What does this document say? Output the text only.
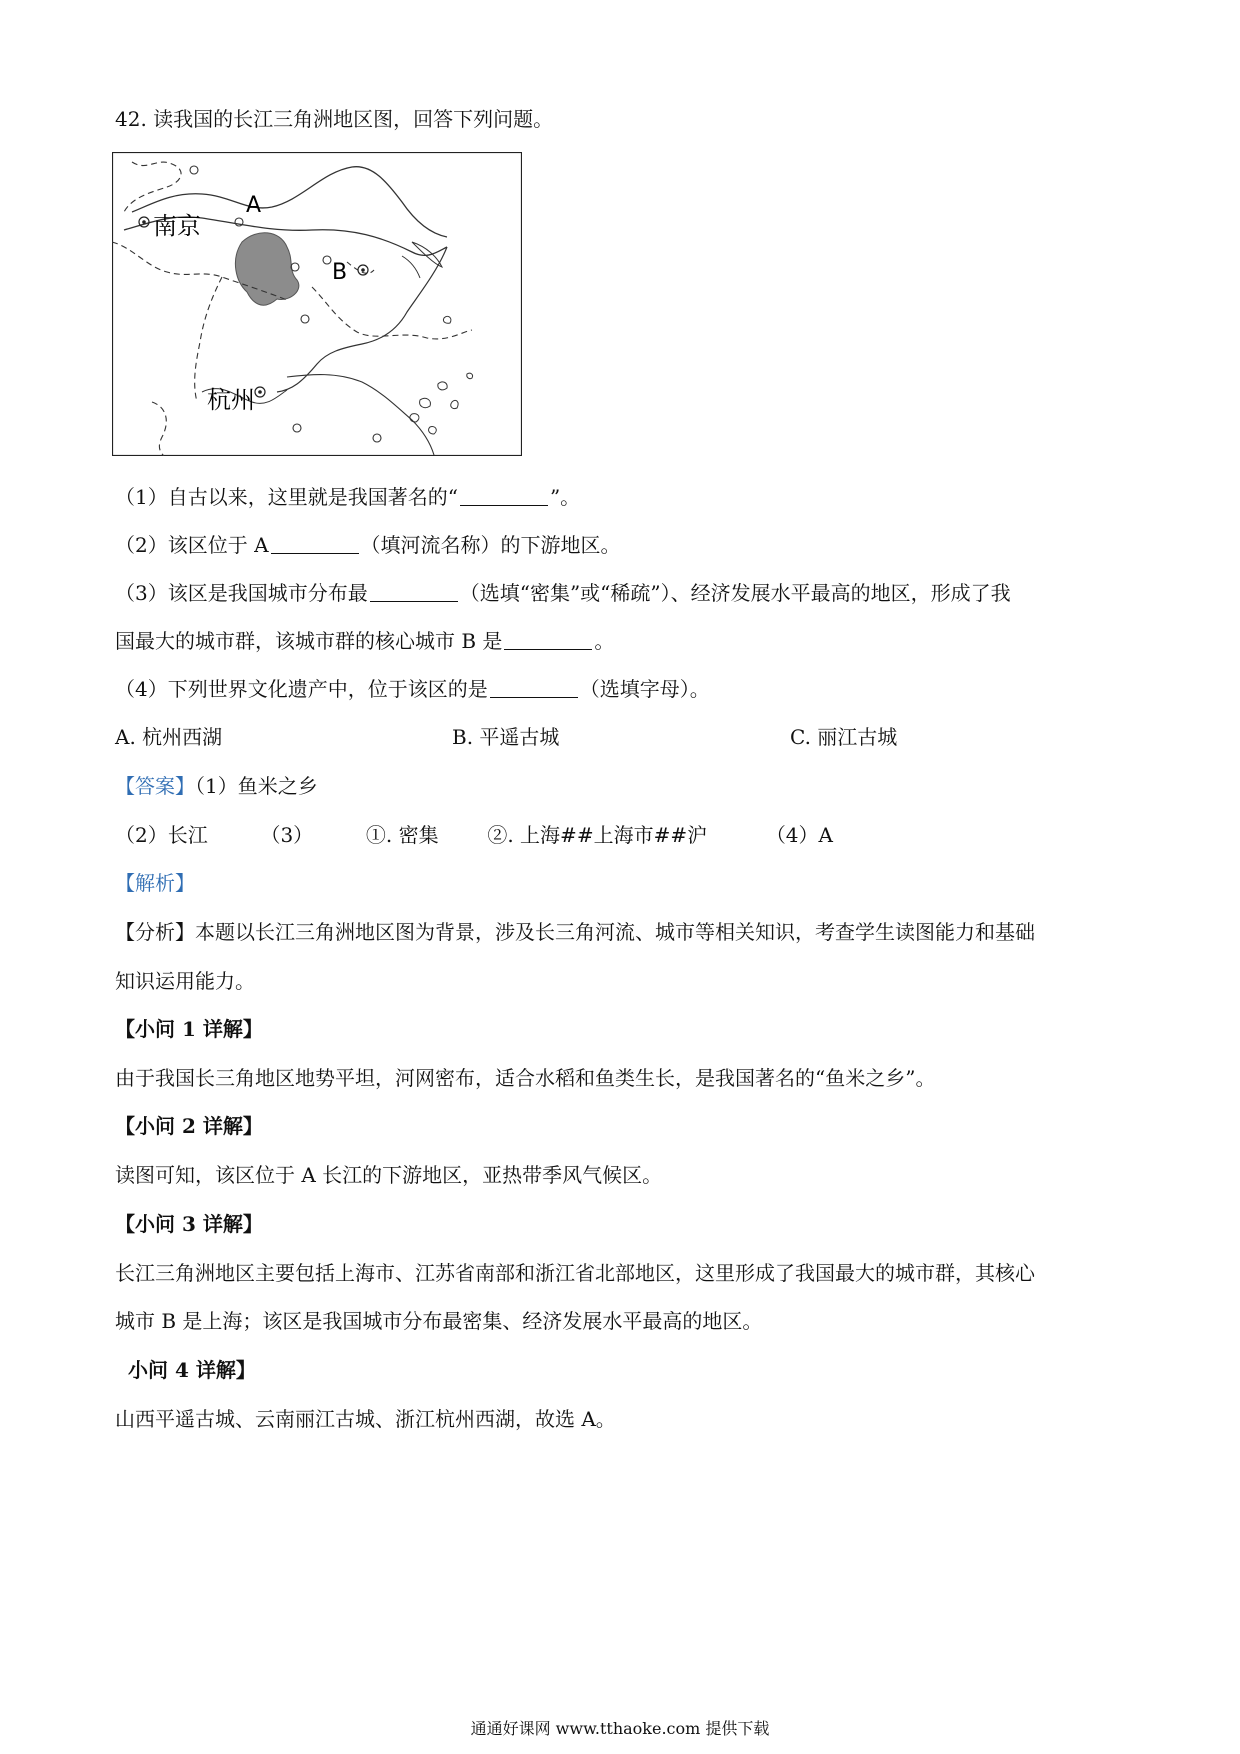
42. 读我国的长江三角洲地区图，回答下列问题。
A
B
南京
杭州
（1）自古以来，这里就是我国著名的“	”。
（2）该区位于 A	（填河流名称）的下游地区。
（3）该区是我国城市分布最	（选填“密集”或“稀疏”）、经济发展水平最高的地区，形成了我
国最大的城市群，该城市群的核心城市 B 是	。
（4）下列世界文化遗产中，位于该区的是	（选填字母）。
A. 杭州西湖	B. 平遥古城	C. 丽江古城
【答案】（1）鱼米之乡
（2）长江	（3）	①. 密集 ②. 上海##上海市##沪	（4）A
【解析】
【分析】本题以长江三角洲地区图为背景，涉及长三角河流、城市等相关知识，考查学生读图能力和基础
知识运用能力。
【小问 1 详解】
由于我国长三角地区地势平坦，河网密布，适合水稻和鱼类生长，是我国著名的“鱼米之乡”。
【小问 2 详解】
读图可知，该区位于 A 长江的下游地区，亚热带季风气候区。
【小问 3 详解】
长江三角洲地区主要包括上海市、江苏省南部和浙江省北部地区，这里形成了我国最大的城市群，其核心
城市 B 是上海；该区是我国城市分布最密集、经济发展水平最高的地区。
小问 4 详解】
山西平遥古城、云南丽江古城、浙江杭州西湖，故选 A。
通通好课网 www.tthaoke.com 提供下载
